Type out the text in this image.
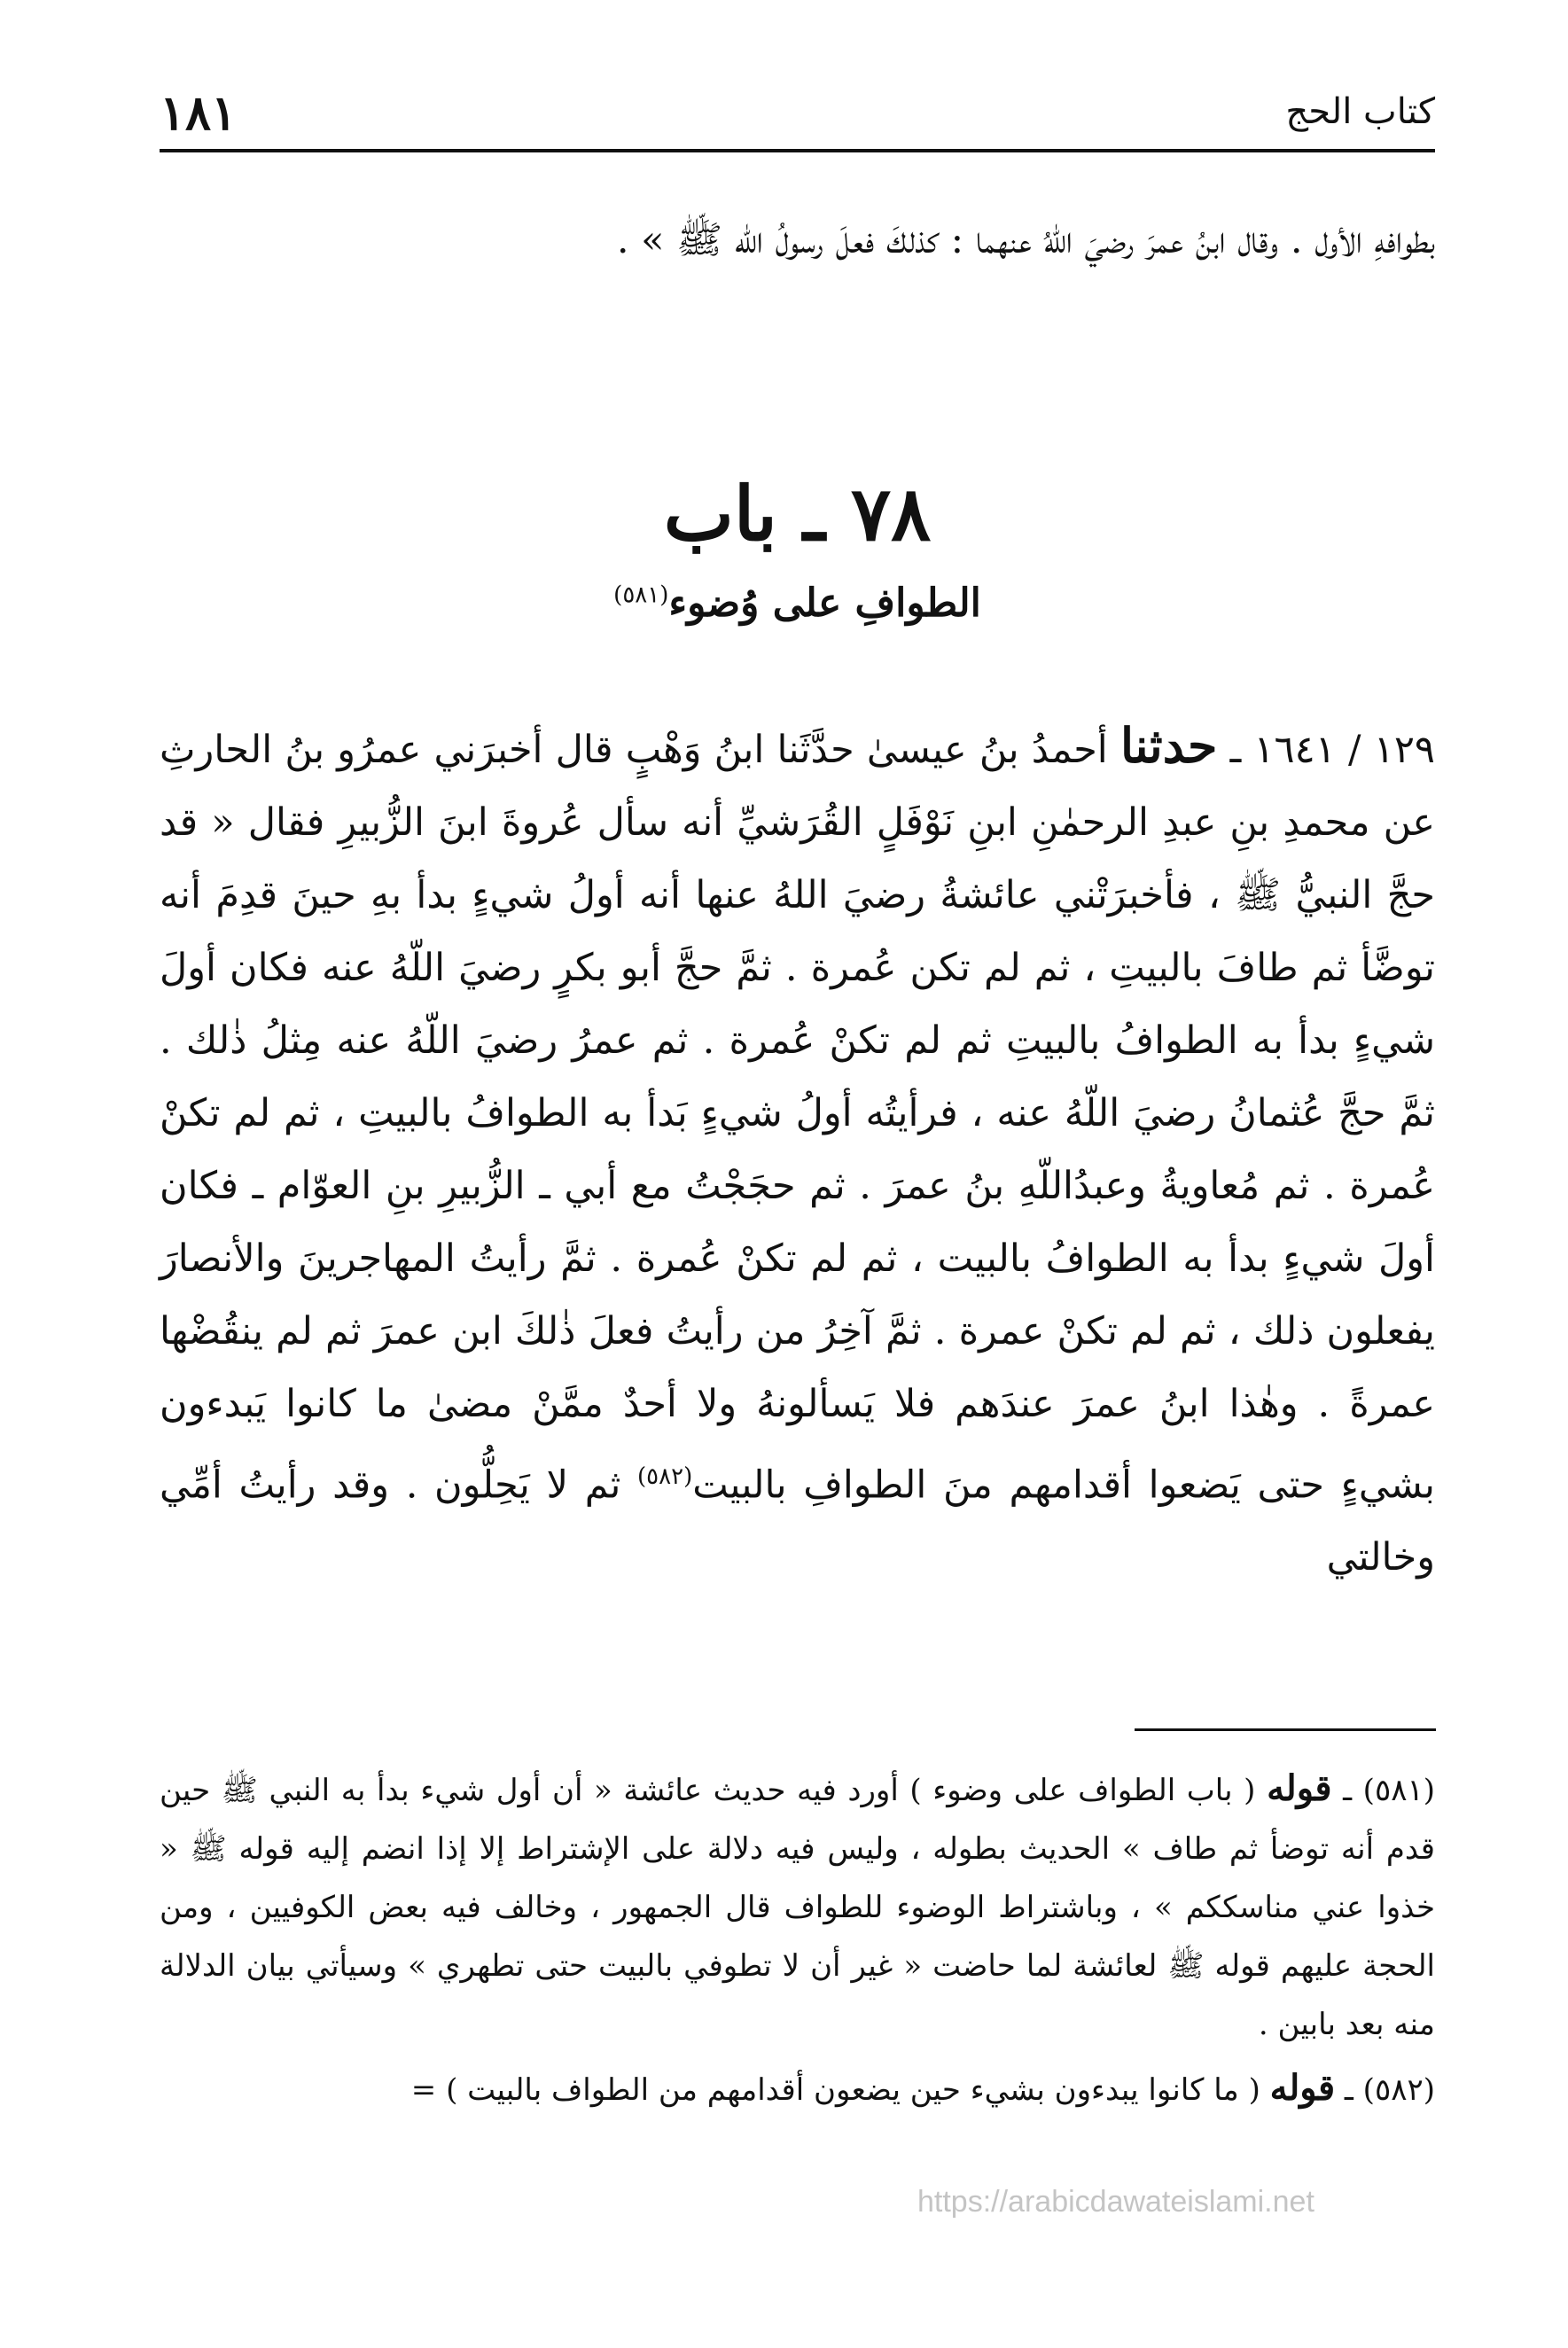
كتاب الحج
١٨١
بطوافهِ الأول . وقال ابنُ عمرَ رضيَ اللّهُ عنهما : كذلكَ فعلَ رسولُ اللّه ﷺ » .
٧٨ ـ باب
الطوافِ على وُضوء$^{(٥٨١)}$
١٢٩ / ١٦٤١ ـ حدثنا أحمدُ بنُ عيسىٰ حدَّثَنا ابنُ وَهْبٍ قال أخبرَني عمرُو بنُ الحارثِ عن محمدِ بنِ عبدِ الرحمٰنِ ابنِ نَوْفَلٍ القُرَشيِّ أنه سأل عُروةَ ابنَ الزُّبيرِ فقال « قد حجَّ النبيُّ ﷺ ، فأخبرَتْني عائشةُ رضيَ اللهُ عنها أنه أولُ شيءٍ بدأ بهِ حينَ قدِمَ أنه توضَّأ ثم طافَ بالبيتِ ، ثم لم تكن عُمرة . ثمَّ حجَّ أبو بكرٍ رضيَ اللّهُ عنه فكان أولَ شيءٍ بدأ به الطوافُ بالبيتِ ثم لم تكنْ عُمرة . ثم عمرُ رضيَ اللّهُ عنه مِثلُ ذٰلك . ثمَّ حجَّ عُثمانُ رضيَ اللّهُ عنه ، فرأيتُه أولُ شيءٍ بَدأ به الطوافُ بالبيتِ ، ثم لم تكنْ عُمرة . ثم مُعاويةُ وعبدُاللّهِ بنُ عمرَ . ثم حجَجْتُ مع أبي ـ الزُّبيرِ بنِ العوّام ـ فكان أولَ شيءٍ بدأ به الطوافُ بالبيت ، ثم لم تكنْ عُمرة . ثمَّ رأيتُ المهاجرينَ والأنصارَ يفعلون ذلك ، ثم لم تكنْ عمرة . ثمَّ آخِرُ من رأيتُ فعلَ ذٰلكَ ابن عمرَ ثم لم ينقُضْها عمرةً . وهٰذا ابنُ عمرَ عندَهم فلا يَسألونهُ ولا أحدٌ ممَّنْ مضىٰ ما كانوا يَبدءون بشيءٍ حتى يَضعوا أقدامهم منَ الطوافِ بالبيت$^{(٥٨٢)}$ ثم لا يَحِلُّون . وقد رأيتُ أمِّي وخالتي

(٥٨١) ـ قوله ( باب الطواف على وضوء ) أورد فيه حديث عائشة « أن أول شيء بدأ به النبي ﷺ حين قدم أنه توضأ ثم طاف » الحديث بطوله ، وليس فيه دلالة على الإشتراط إلا إذا انضم إليه قوله ﷺ « خذوا عني مناسككم » ، وباشتراط الوضوء للطواف قال الجمهور ، وخالف فيه بعض الكوفيين ، ومن الحجة عليهم قوله ﷺ لعائشة لما حاضت « غير أن لا تطوفي بالبيت حتى تطهري » وسيأتي بيان الدلالة منه بعد بابين .

(٥٨٢) ـ قوله ( ما كانوا يبدءون بشيء حين يضعون أقدامهم من الطواف بالبيت ) =

https://arabicdawateislami.net
